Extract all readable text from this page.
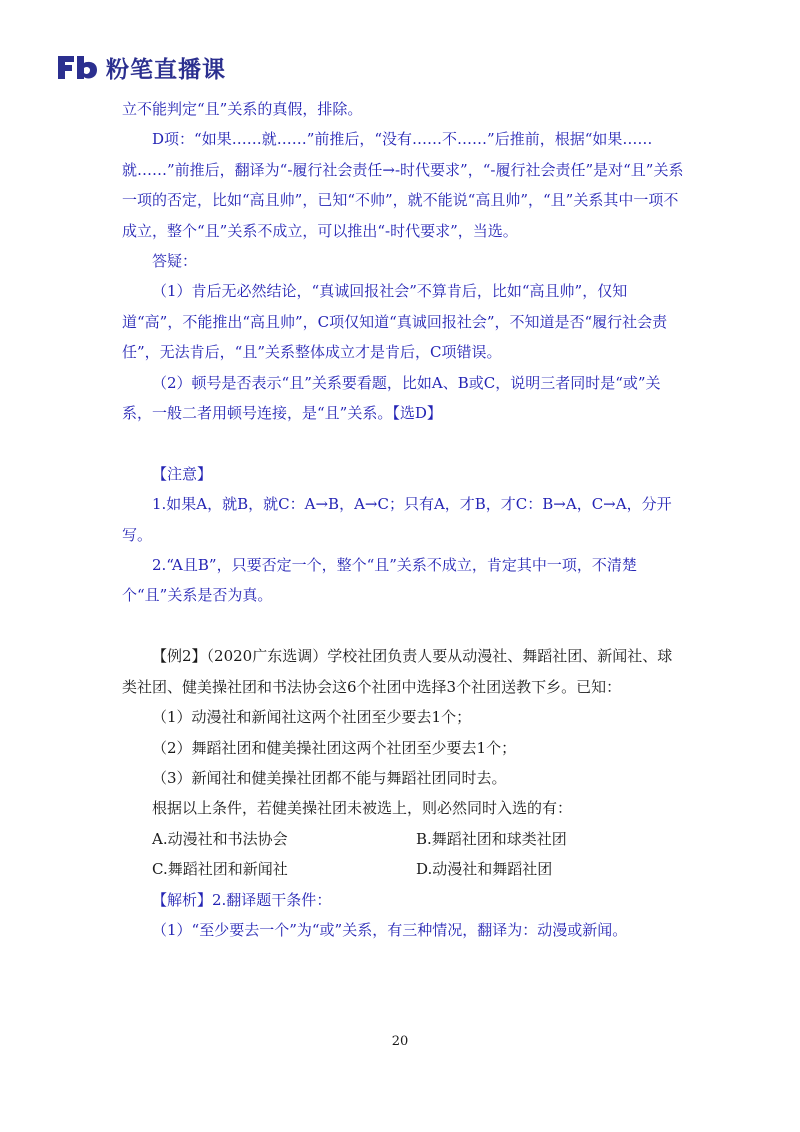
粉笔直播课

立不能判定“且”关系的真假，排除。

D项：“如果……就……”前推后，“没有……不……”后推前，根据“如果……就……”前推后，翻译为“-履行社会责任→-时代要求”，“-履行社会责任”是对“且”关系一项的否定，比如“高且帅”，已知“不帅”，就不能说“高且帅”，“且”关系其中一项不成立，整个“且”关系不成立，可以推出“-时代要求”，当选。

答疑：

（1）肯后无必然结论，“真诚回报社会”不算肯后，比如“高且帅”，仅知道“高”，不能推出“高且帅”，C项仅知道“真诚回报社会”，不知道是否“履行社会责任”，无法肯后，“且”关系整体成立才是肯后，C项错误。

（2）顿号是否表示“且”关系要看题，比如A、B或C，说明三者同时是“或”关系，一般二者用顿号连接，是“且”关系。【选D】

【注意】

1.如果A，就B，就C：A→B，A→C；只有A，才B，才C：B→A，C→A，分开写。

2.“A且B”，只要否定一个，整个“且”关系不成立，肯定其中一项，不清楚个“且”关系是否为真。

【例2】（2020广东选调）学校社团负责人要从动漫社、舞蹈社团、新闻社、球类社团、健美操社团和书法协会这6个社团中选择3个社团送教下乡。已知：

（1）动漫社和新闻社这两个社团至少要去1个；

（2）舞蹈社团和健美操社团这两个社团至少要去1个；

（3）新闻社和健美操社团都不能与舞蹈社团同时去。

根据以上条件，若健美操社团未被选上，则必然同时入选的有：

A.动漫社和书法协会	B.舞蹈社团和球类社团
C.舞蹈社团和新闻社	D.动漫社和舞蹈社团

【解析】2.翻译题干条件：

（1）“至少要去一个”为“或”关系，有三种情况，翻译为：动漫或新闻。

20
